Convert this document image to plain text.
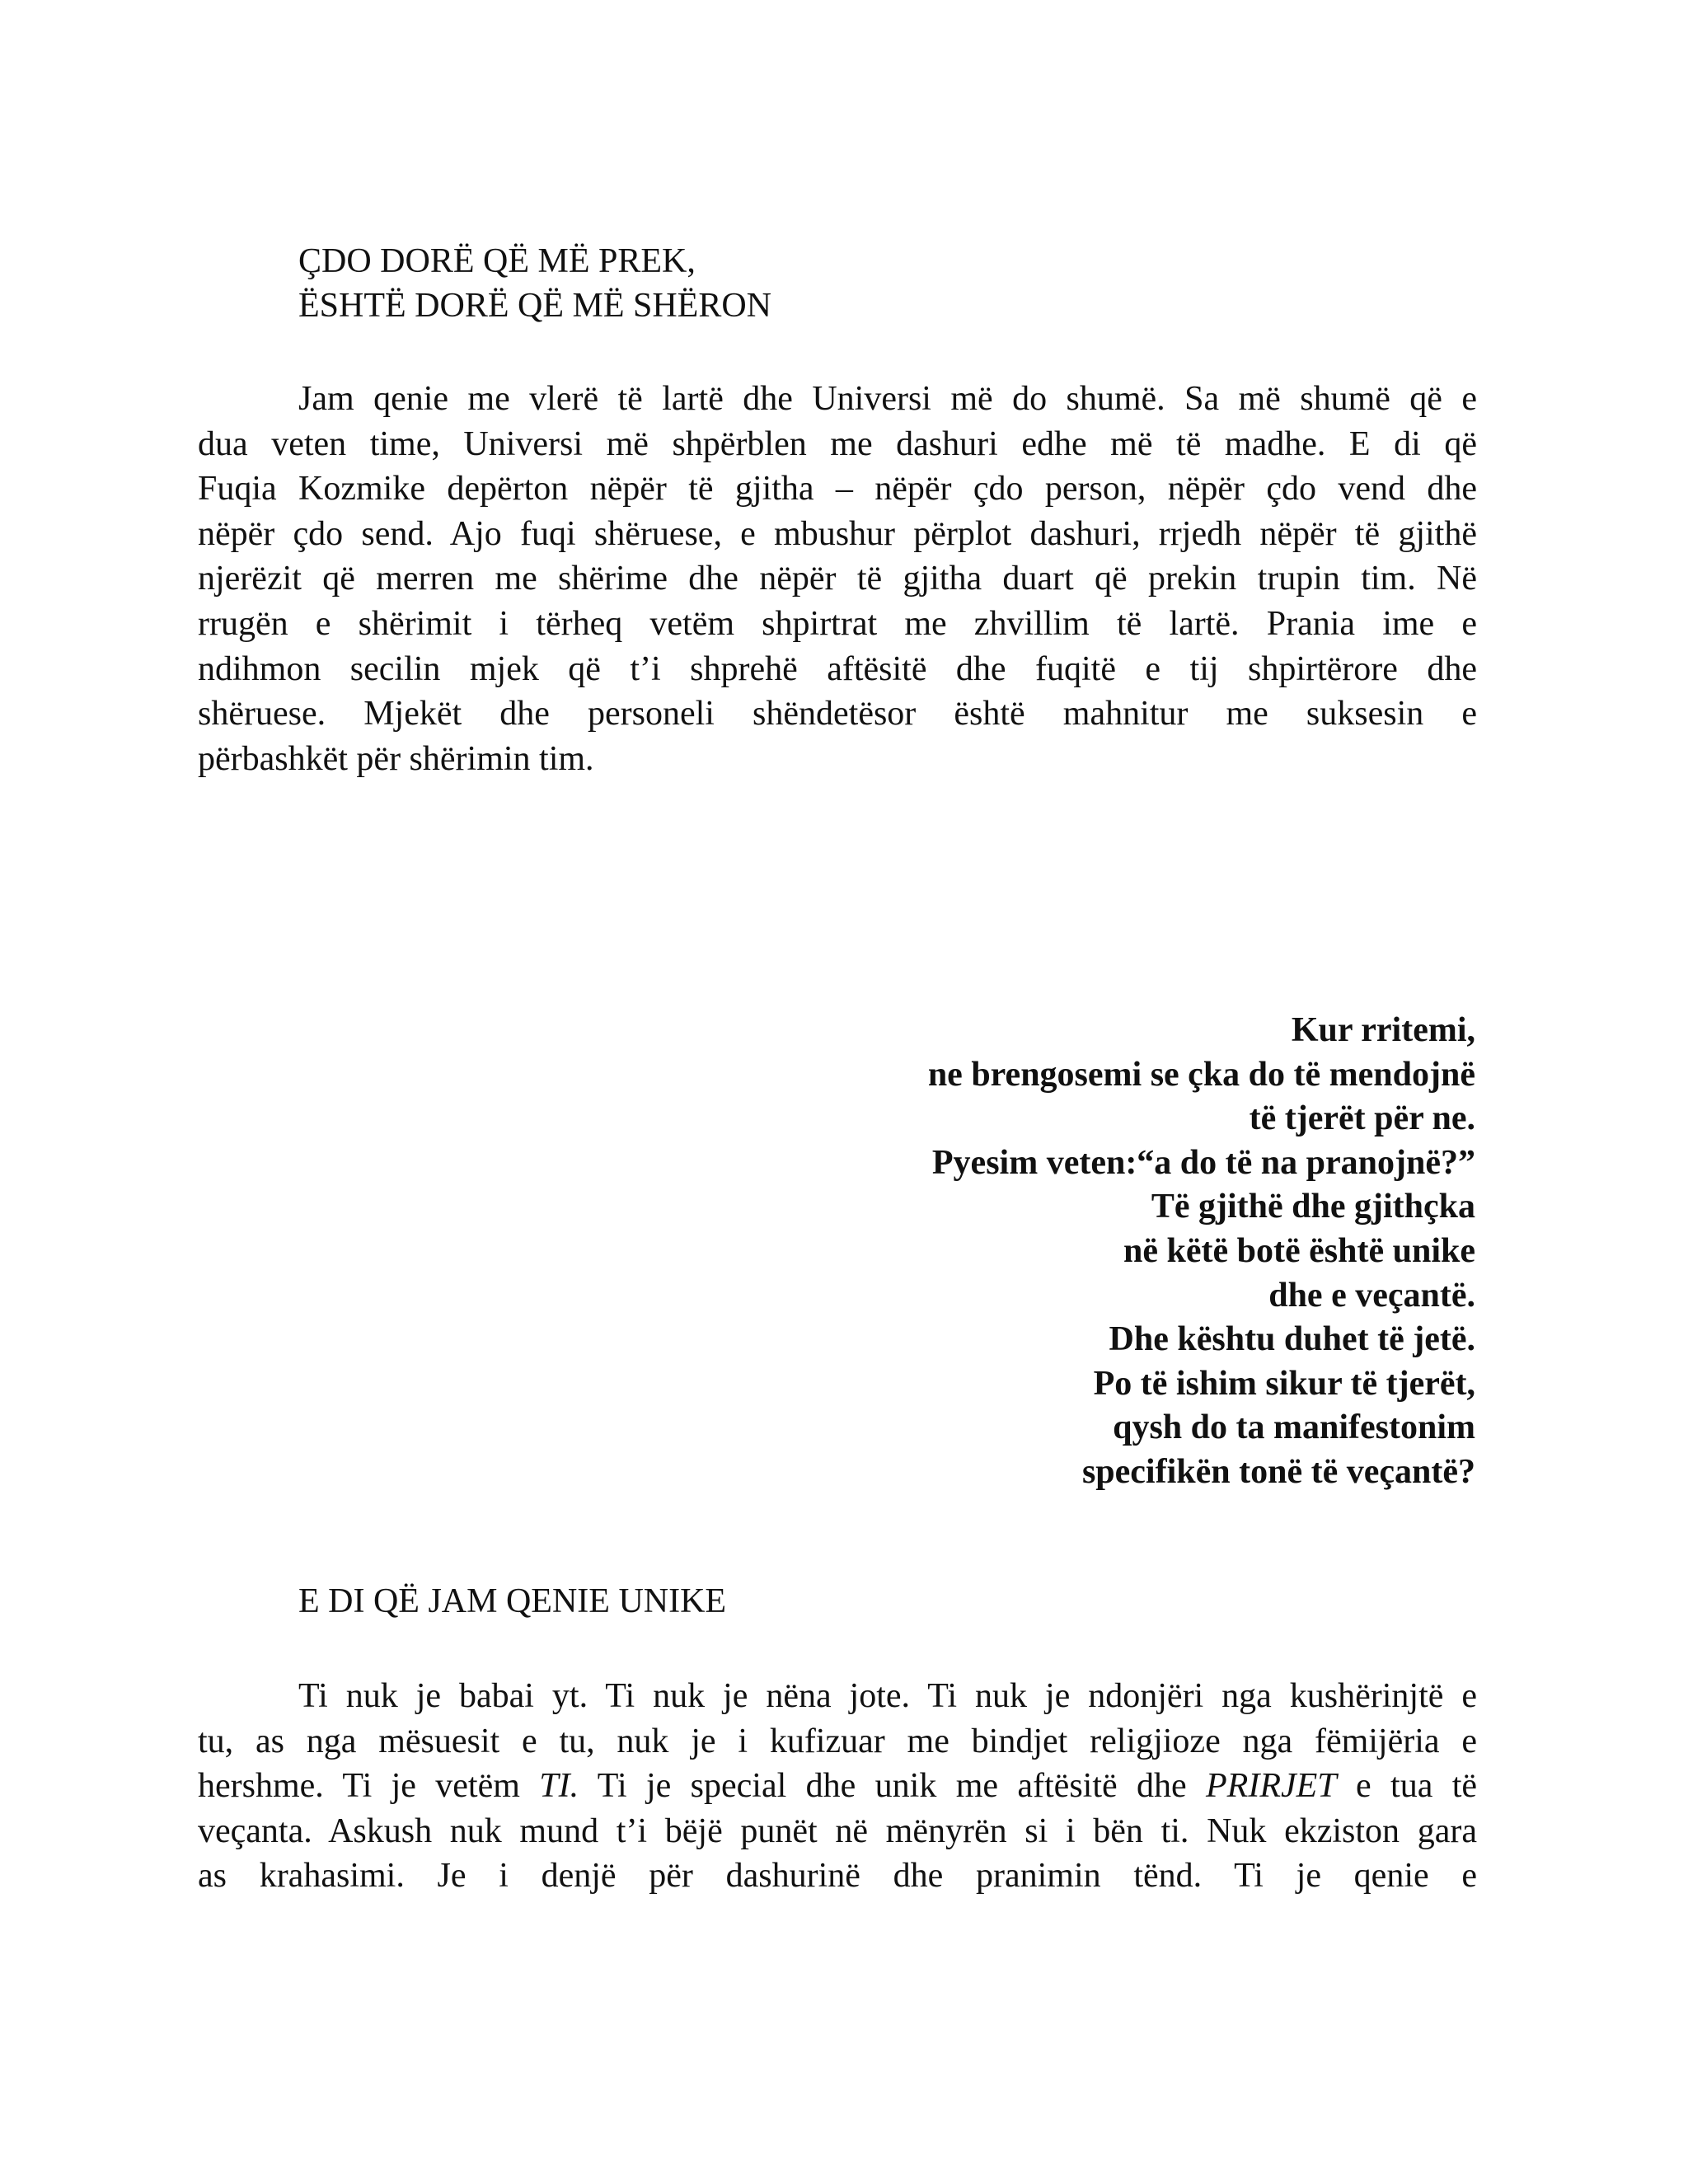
ÇDO DORË QË MË PREK,
ËSHTË DORË QË MË SHËRON
Jam qenie me vlerë të lartë dhe Universi më do shumë. Sa më shumë që e
dua veten time, Universi më shpërblen me dashuri edhe më të madhe. E di që
Fuqia Kozmike depërton nëpër të gjitha – nëpër çdo person, nëpër çdo vend dhe
nëpër çdo send. Ajo fuqi shëruese, e mbushur përplot dashuri, rrjedh nëpër të gjithë
njerëzit që merren me shërime dhe nëpër të gjitha duart që prekin trupin tim. Në
rrugën e shërimit i tërheq vetëm shpirtrat me zhvillim të lartë. Prania ime e
ndihmon secilin mjek që t’i shprehë aftësitë dhe fuqitë e tij shpirtërore dhe
shëruese. Mjekët dhe personeli shëndetësor është mahnitur me suksesin e
përbashkët për shërimin tim.
Kur rritemi,
ne brengosemi se çka do të mendojnë
të tjerët për ne.
Pyesim veten:“a do të na pranojnë?”
Të gjithë dhe gjithçka
në këtë botë është unike
dhe e veçantë.
Dhe kështu duhet të jetë.
Po të ishim sikur të tjerët,
qysh do ta manifestonim
specifikën tonë të veçantë?
E DI QË JAM QENIE UNIKE
Ti nuk je babai yt. Ti nuk je nëna jote. Ti nuk je ndonjëri nga kushërinjtë e
tu, as nga mësuesit e tu, nuk je i kufizuar me bindjet religjioze nga fëmijëria e
hershme. Ti je vetëm TI. Ti je special dhe unik me aftësitë dhe PRIRJET e tua të
veçanta. Askush nuk mund t’i bëjë punët në mënyrën si i bën ti. Nuk ekziston gara
as krahasimi. Je i denjë për dashurinë dhe pranimin tënd. Ti je qenie e
